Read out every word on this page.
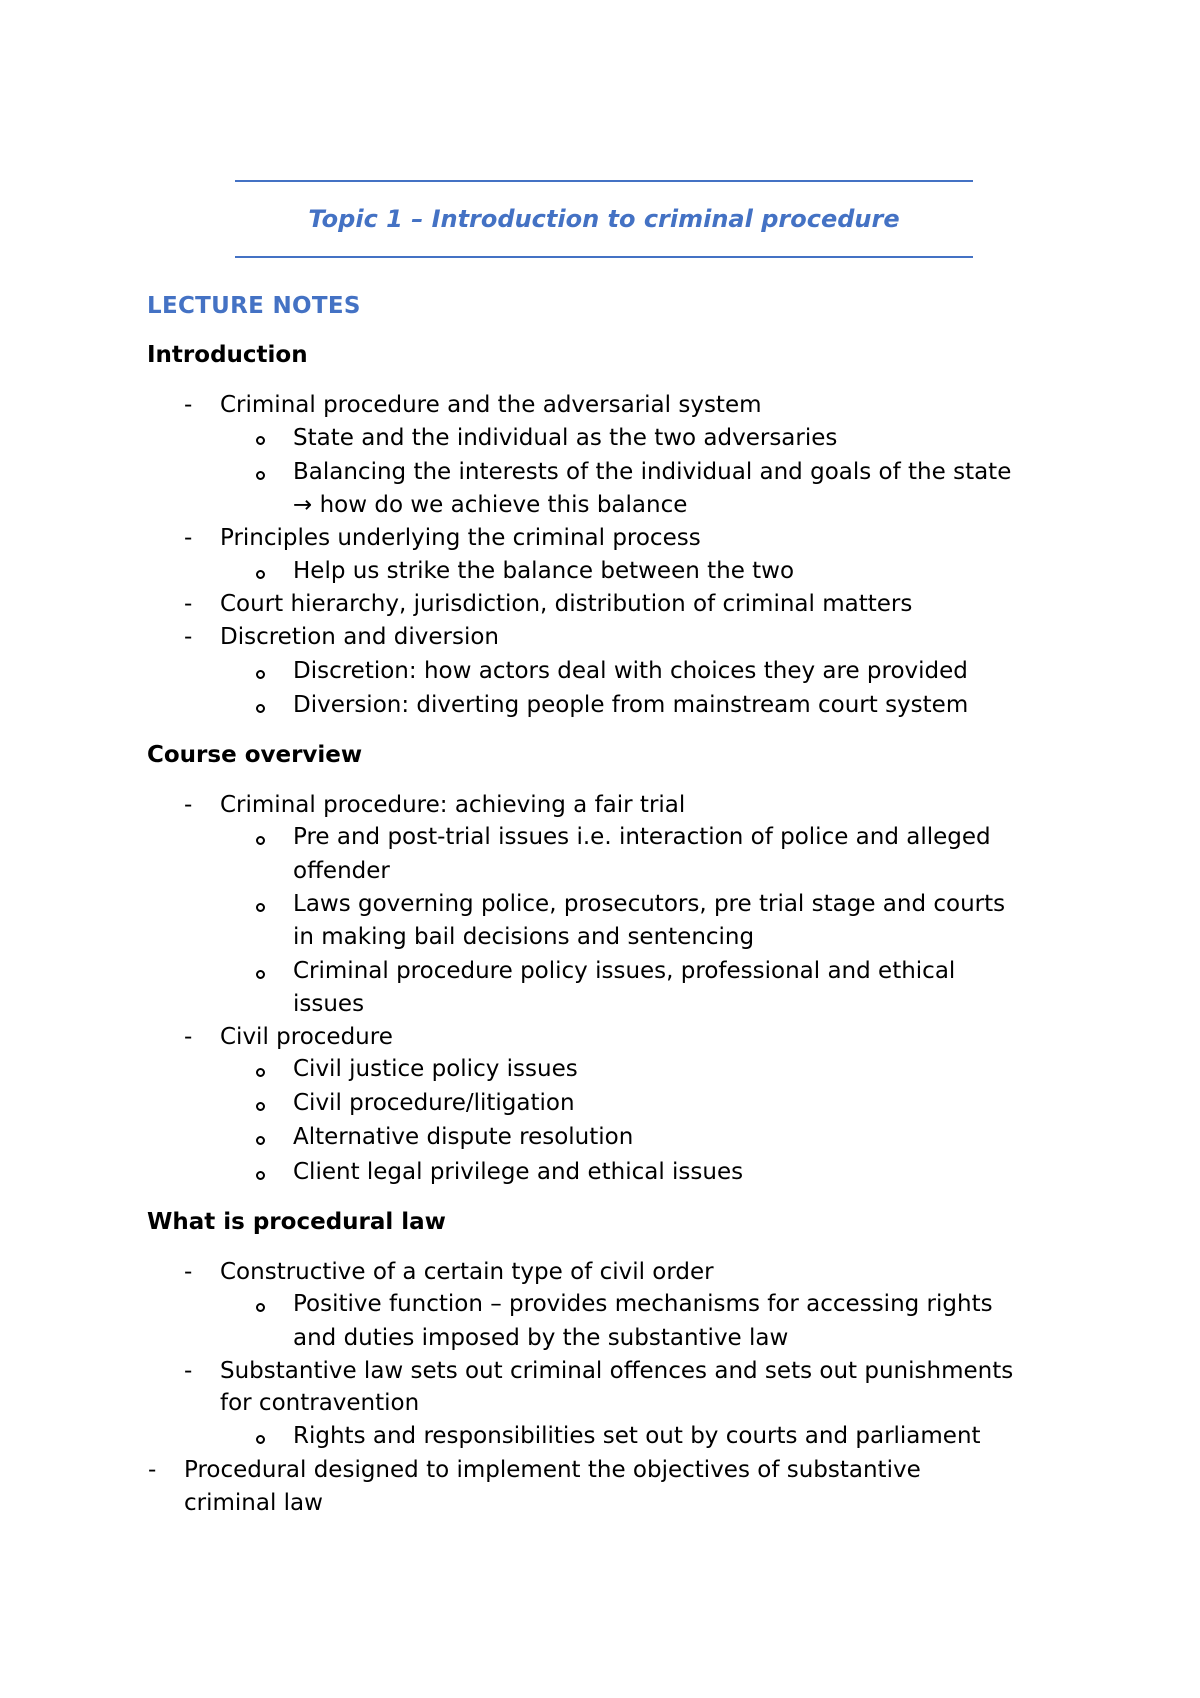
Topic 1 – Introduction to criminal procedure
LECTURE NOTES
Introduction
- Criminal procedure and the adversarial system

State and the individual as the two adversaries

Balancing the interests of the individual and goals of the state

→ how do we achieve this balance

- Principles underlying the criminal process

Help us strike the balance between the two

- Court hierarchy, jurisdiction, distribution of criminal matters

- Discretion and diversion

Discretion: how actors deal with choices they are provided

Diversion: diverting people from mainstream court system

Course overview
- Criminal procedure: achieving a fair trial

Pre and post-trial issues i.e. interaction of police and alleged

offender

Laws governing police, prosecutors, pre trial stage and courts

in making bail decisions and sentencing

Criminal procedure policy issues, professional and ethical

issues

- Civil procedure

Civil justice policy issues

Civil procedure/litigation

Alternative dispute resolution

Client legal privilege and ethical issues

What is procedural law
- Constructive of a certain type of civil order

Positive function – provides mechanisms for accessing rights

and duties imposed by the substantive law

- Substantive law sets out criminal offences and sets out punishments

for contravention

Rights and responsibilities set out by courts and parliament

- Procedural designed to implement the objectives of substantive

criminal law
